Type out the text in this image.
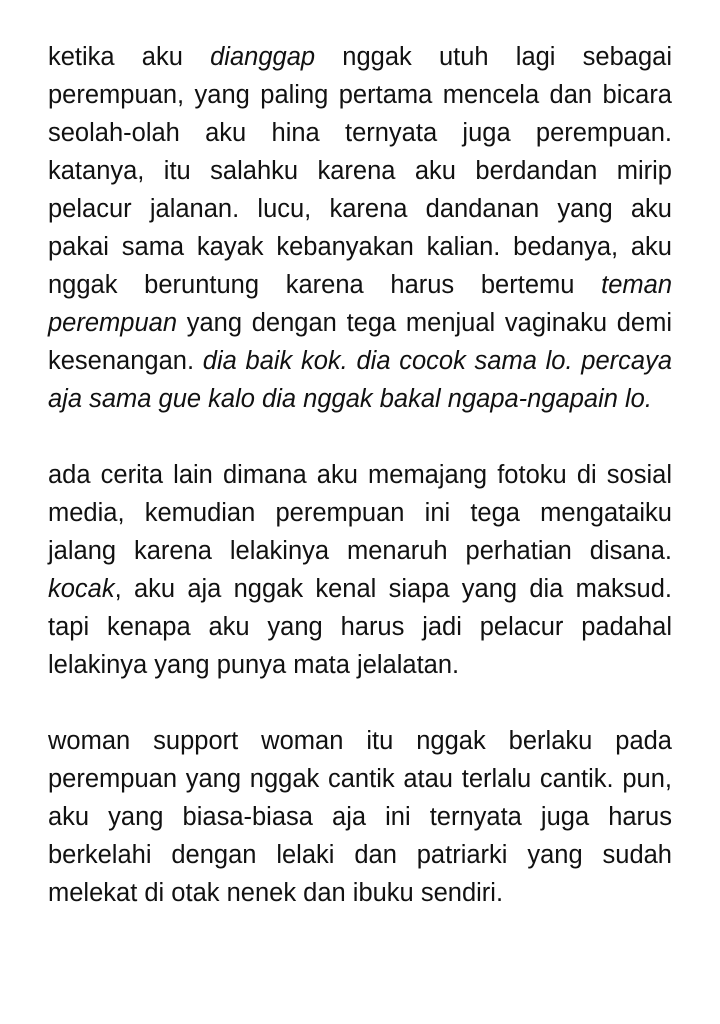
ketika aku dianggap nggak utuh lagi sebagai perempuan, yang paling pertama mencela dan bicara seolah-olah aku hina ternyata juga perempuan. katanya, itu salahku karena aku berdandan mirip pelacur jalanan. lucu, karena dandanan yang aku pakai sama kayak kebanyakan kalian. bedanya, aku nggak beruntung karena harus bertemu teman perempuan yang dengan tega menjual vaginaku demi kesenangan. dia baik kok. dia cocok sama lo. percaya aja sama gue kalo dia nggak bakal ngapa-ngapain lo.

ada cerita lain dimana aku memajang fotoku di sosial media, kemudian perempuan ini tega mengataiku jalang karena lelakinya menaruh perhatian disana. kocak, aku aja nggak kenal siapa yang dia maksud. tapi kenapa aku yang harus jadi pelacur padahal lelakinya yang punya mata jelalatan.

woman support woman itu nggak berlaku pada perempuan yang nggak cantik atau terlalu cantik. pun, aku yang biasa-biasa aja ini ternyata juga harus berkelahi dengan lelaki dan patriarki yang sudah melekat di otak nenek dan ibuku sendiri.
